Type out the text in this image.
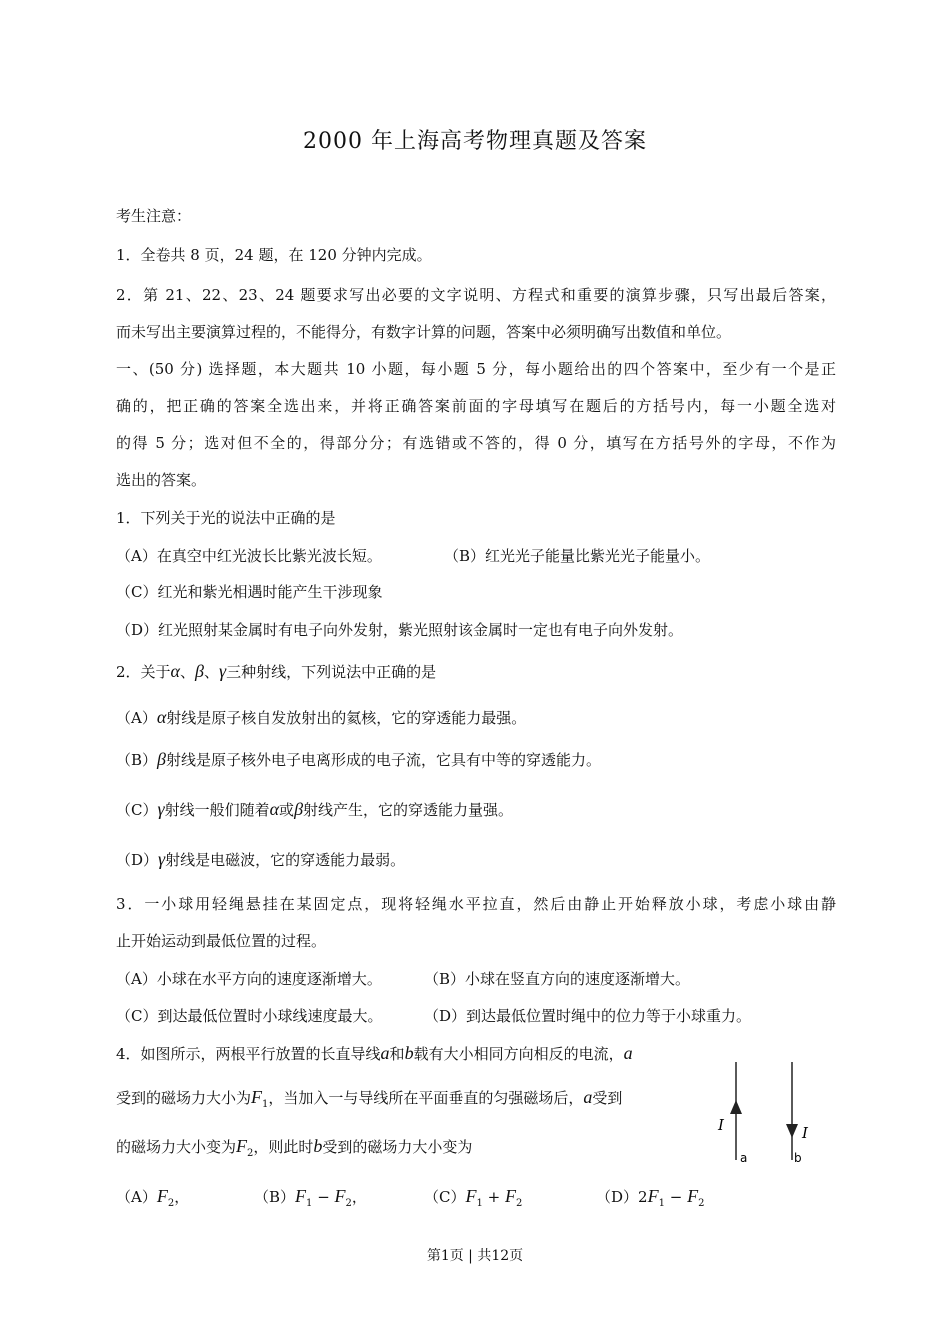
2000 年上海高考物理真题及答案
考生注意：
1．全卷共 8 页，24 题，在 120 分钟内完成。
2．第 21、22、23、24 题要求写出必要的文字说明、方程式和重要的演算步骤，只写出最后答案，
而未写出主要演算过程的，不能得分，有数字计算的问题，答案中必须明确写出数值和单位。
一、(50 分) 选择题，本大题共 10 小题，每小题 5 分，每小题给出的四个答案中，至少有一个是正
确的，把正确的答案全选出来，并将正确答案前面的字母填写在题后的方括号内，每一小题全选对
的得 5 分；选对但不全的，得部分分；有选错或不答的，得 0 分，填写在方括号外的字母，不作为
选出的答案。
1．下列关于光的说法中正确的是
（A）在真空中红光波长比紫光波长短。	（B）红光光子能量比紫光光子能量小。
（C）红光和紫光相遇时能产生干涉现象
（D）红光照射某金属时有电子向外发射，紫光照射该金属时一定也有电子向外发射。
2．关于α、β、γ三种射线，下列说法中正确的是
（A）α射线是原子核自发放射出的氦核，它的穿透能力最强。
（B）β射线是原子核外电子电离形成的电子流，它具有中等的穿透能力。
（C）γ射线一般们随着α或β射线产生，它的穿透能力量强。
（D）γ射线是电磁波，它的穿透能力最弱。
3．一小球用轻绳悬挂在某固定点，现将轻绳水平拉直，然后由静止开始释放小球，考虑小球由静
止开始运动到最低位置的过程。
（A）小球在水平方向的速度逐渐增大。	（B）小球在竖直方向的速度逐渐增大。
（C）到达最低位置时小球线速度最大。	（D）到达最低位置时绳中的位力等于小球重力。
4．如图所示，两根平行放置的长直导线a和b载有大小相同方向相反的电流，a
受到的磁场力大小为$F_1$，当加入一与导线所在平面垂直的匀强磁场后，a受到
的磁场力大小变为$F_2$，则此时b受到的磁场力大小变为
$(A)F_2$，	$(B)F_1 - F_2$，	$(C)F_1 + F_2$	$(D)2F_1 - F_2$
I
a
I
b
第1页 | 共12页
